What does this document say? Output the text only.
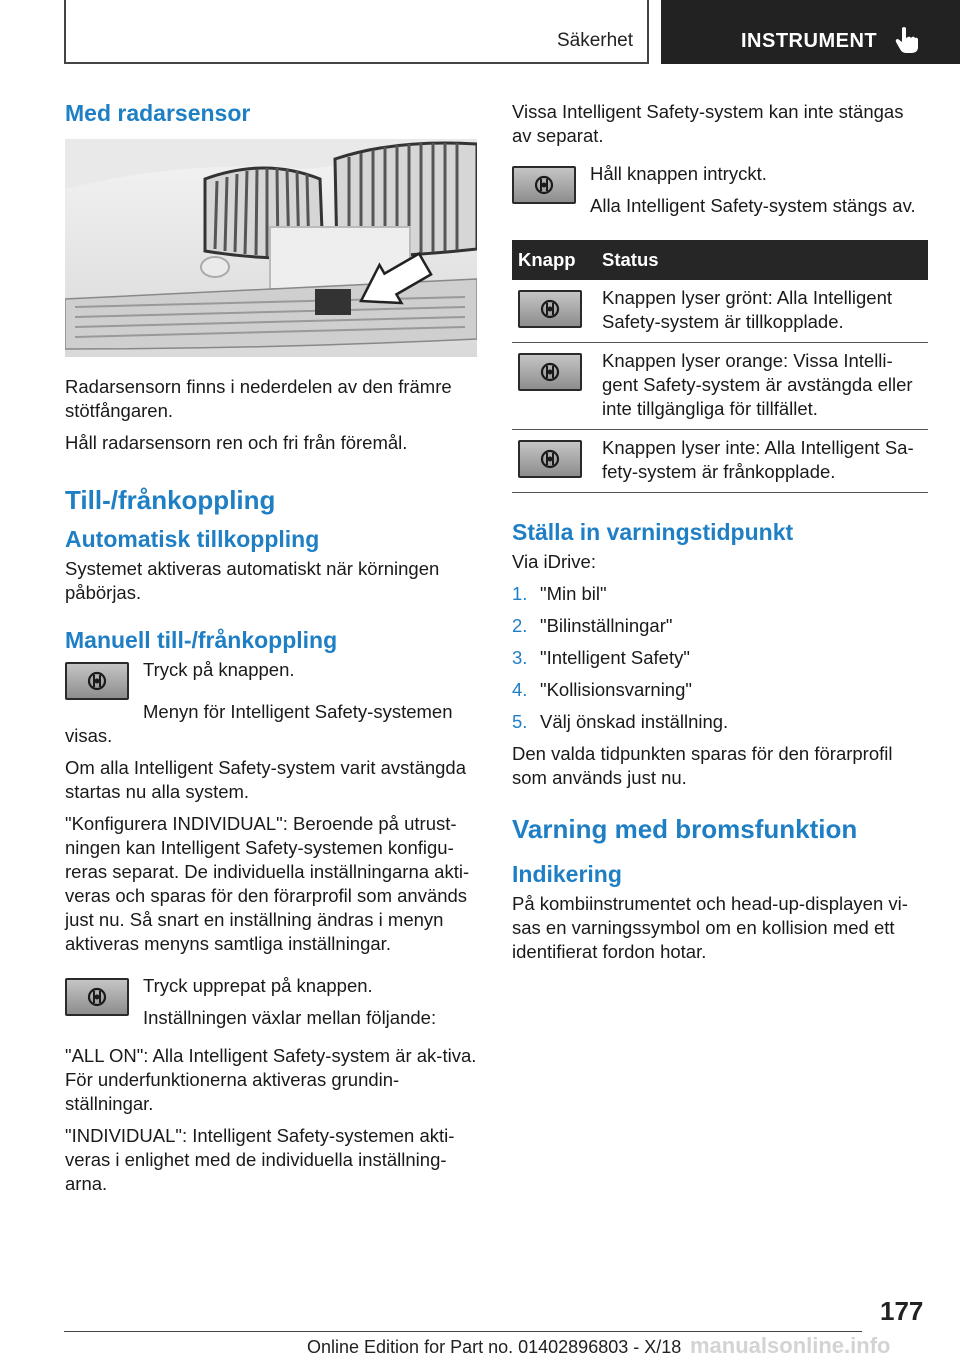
Säkerhet	INSTRUMENT
Med radarsensor

Radarsensorn finns i nederdelen av den främre stötfångaren.

Håll radarsensorn ren och fri från föremål.

Till-/frånkoppling
Automatisk tillkoppling

Systemet aktiveras automatiskt när körningen påbörjas.

Manuell till-/frånkoppling

Tryck på knappen.

Menyn för Intelligent Safety-systemen visas.

Om alla Intelligent Safety-system varit avstängda startas nu alla system.

"Konfigurera INDIVIDUAL": Beroende på utrust-ningen kan Intelligent Safety-systemen konfigu-reras separat. De individuella inställningarna akti-veras och sparas för den förarprofil som används just nu. Så snart en inställning ändras i menyn aktiveras menyns samtliga inställningar.

Tryck upprepat på knappen.

Inställningen växlar mellan följande:

"ALL ON": Alla Intelligent Safety-system är ak-tiva. För underfunktionerna aktiveras grundin-ställningar.

"INDIVIDUAL": Intelligent Safety-systemen akti-veras i enlighet med de individuella inställning-arna.

Vissa Intelligent Safety-system kan inte stängas av separat.

Håll knappen intryckt.

Alla Intelligent Safety-system stängs av.

Knapp	Status

	Knappen lyser grönt: Alla Intelligent Safety-system är tillkopplade.

	Knappen lyser orange: Vissa Intelli-gent Safety-system är avstängda eller inte tillgängliga för tillfället.

	Knappen lyser inte: Alla Intelligent Sa-fety-system är frånkopplade.
Ställa in varningstidpunkt

Via iDrive:

1. "Min bil"
2. "Bilinställningar"
3. "Intelligent Safety"
4. "Kollisionsvarning"
5. Välj önskad inställning.

Den valda tidpunkten sparas för den förarprofil som används just nu.

Varning med bromsfunktion
Indikering

På kombiinstrumentet och head-up-displayen vi-sas en varningssymbol om en kollision med ett identifierat fordon hotar.

177
Online Edition for Part no. 01402896803 - X/18 manualsonline.info
